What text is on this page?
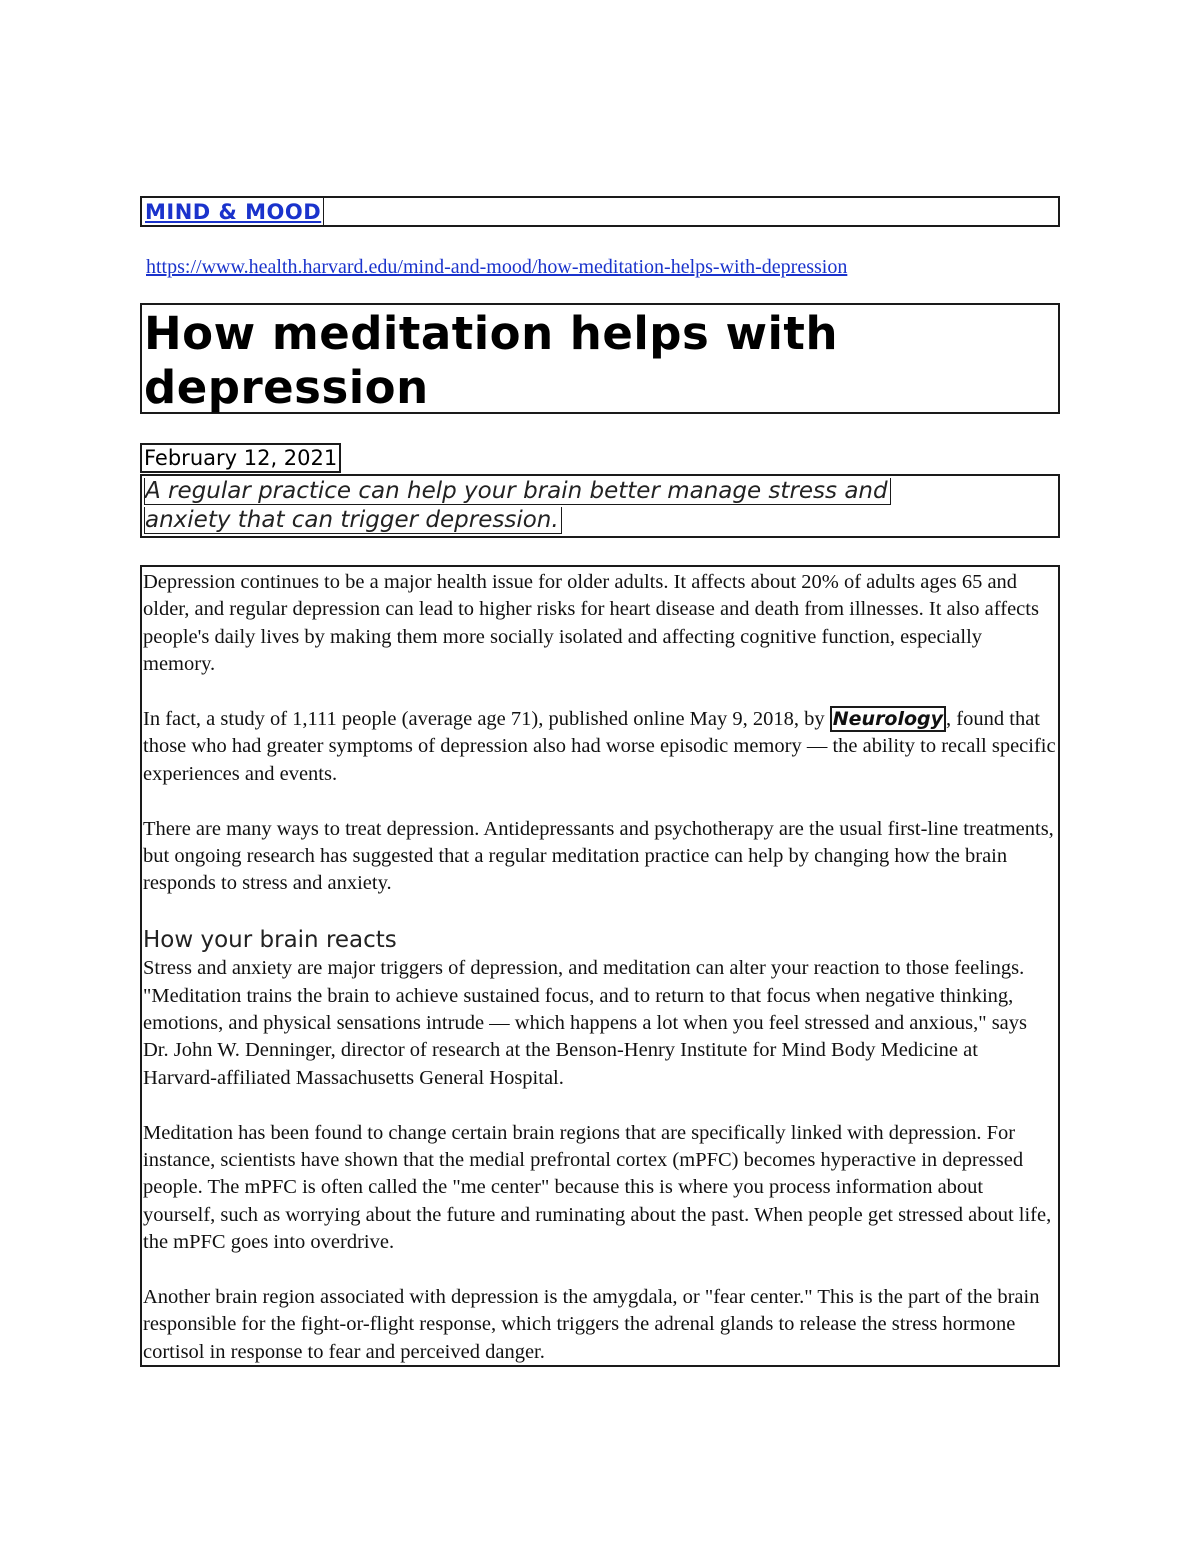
MIND & MOOD
https://www.health.harvard.edu/mind-and-mood/how-meditation-helps-with-depression
How meditation helps with depression
February 12, 2021
A regular practice can help your brain better manage stress and
anxiety that can trigger depression.

Depression continues to be a major health issue for older adults. It affects about 20% of adults ages 65 and older, and regular depression can lead to higher risks for heart disease and death from illnesses. It also affects people's daily lives by making them more socially isolated and affecting cognitive function, especially memory.

In fact, a study of 1,111 people (average age 71), published online May 9, 2018, by Neurology , found that those who had greater symptoms of depression also had worse episodic memory — the ability to recall specific experiences and events.

There are many ways to treat depression. Antidepressants and psychotherapy are the usual first-line treatments, but ongoing research has suggested that a regular meditation practice can help by changing how the brain responds to stress and anxiety.

How your brain reacts

Stress and anxiety are major triggers of depression, and meditation can alter your reaction to those feelings. "Meditation trains the brain to achieve sustained focus, and to return to that focus when negative thinking, emotions, and physical sensations intrude — which happens a lot when you feel stressed and anxious," says Dr. John W. Denninger, director of research at the Benson-Henry Institute for Mind Body Medicine at Harvard-affiliated Massachusetts General Hospital.

Meditation has been found to change certain brain regions that are specifically linked with depression. For instance, scientists have shown that the medial prefrontal cortex (mPFC) becomes hyperactive in depressed people. The mPFC is often called the "me center" because this is where you process information about yourself, such as worrying about the future and ruminating about the past. When people get stressed about life, the mPFC goes into overdrive.

Another brain region associated with depression is the amygdala, or "fear center." This is the part of the brain responsible for the fight-or-flight response, which triggers the adrenal glands to release the stress hormone cortisol in response to fear and perceived danger.
